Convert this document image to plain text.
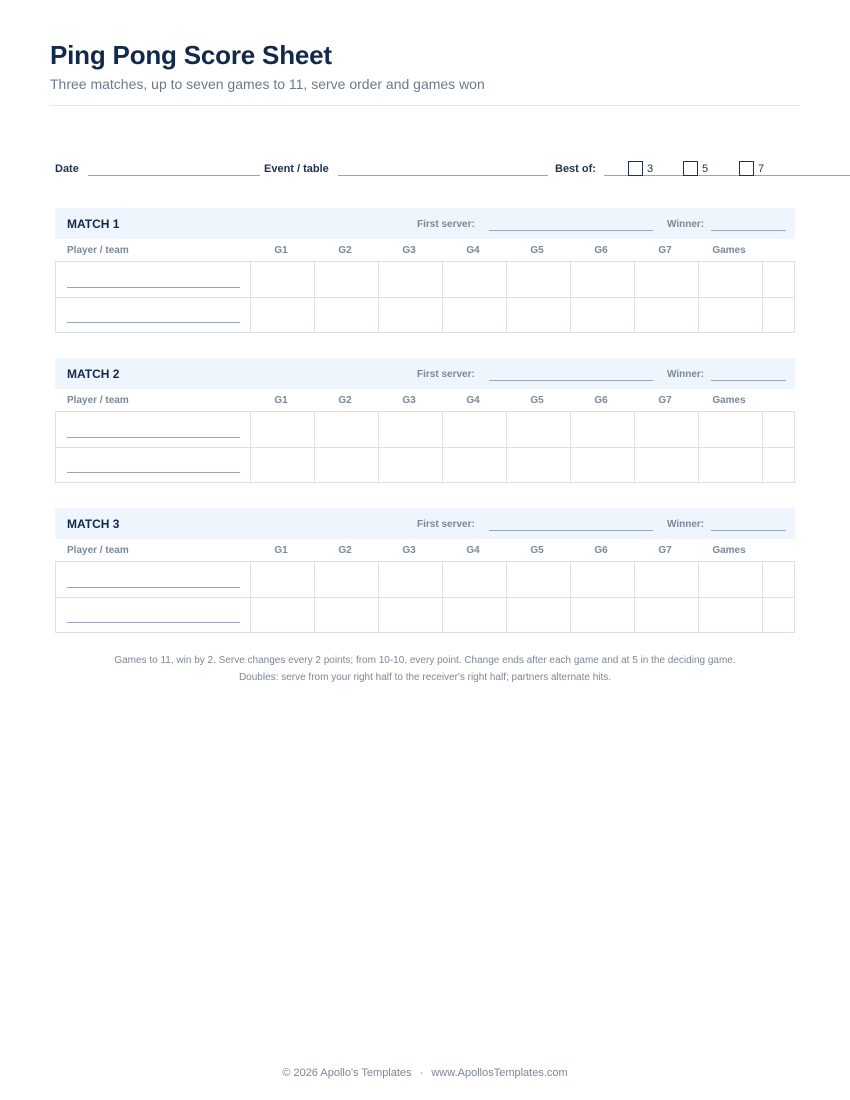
Ping Pong Score Sheet
Three matches, up to seven games to 11, serve order and games won
Date	Event / table	Best of:	3	5	7
MATCH 1	First server:	Winner:
Player / team	G1	G2	G3	G4	G5	G6	G7	Games
MATCH 2	First server:	Winner:
Player / team	G1	G2	G3	G4	G5	G6	G7	Games
MATCH 3	First server:	Winner:
Player / team	G1	G2	G3	G4	G5	G6	G7	Games
Games to 11, win by 2. Serve changes every 2 points; from 10-10, every point. Change ends after each game and at 5 in the deciding game.
Doubles: serve from your right half to the receiver's right half; partners alternate hits.
© 2026 Apollo's Templates · www.ApollosTemplates.com
